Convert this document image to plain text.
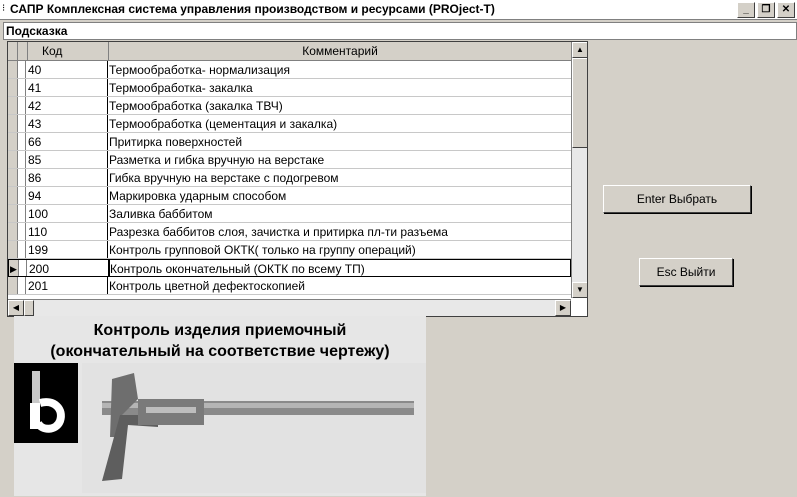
⁝ САПР Комплексная система управления производством и ресурсами (PROject-T)	_	❐	✕
Подсказка
Код	Комментарий
40	Термообработка- нормализация
41	Термообработка- закалка
42	Термообработка (закалка ТВЧ)
43	Термообработка (цементация и закалка)
66	Притирка поверхностей
85	Разметка и гибка вручную на верстаке
86	Гибка вручную на верстаке с подогревом
94	Маркировка ударным способом
100	Заливка баббитом
110	Разрезка баббитов слоя, зачистка и притирка пл-ти разъема
199	Контроль групповой ОКТК( только на группу операций)
▶ 200	Контроль окончательный (ОКТК по всему ТП)
201	Контроль цветной дефектоскопией
▲
▼
◀	▶
Enter Выбрать
Esc Выйти
Контроль изделия приемочный
(окончательный на соответствие чертежу)
